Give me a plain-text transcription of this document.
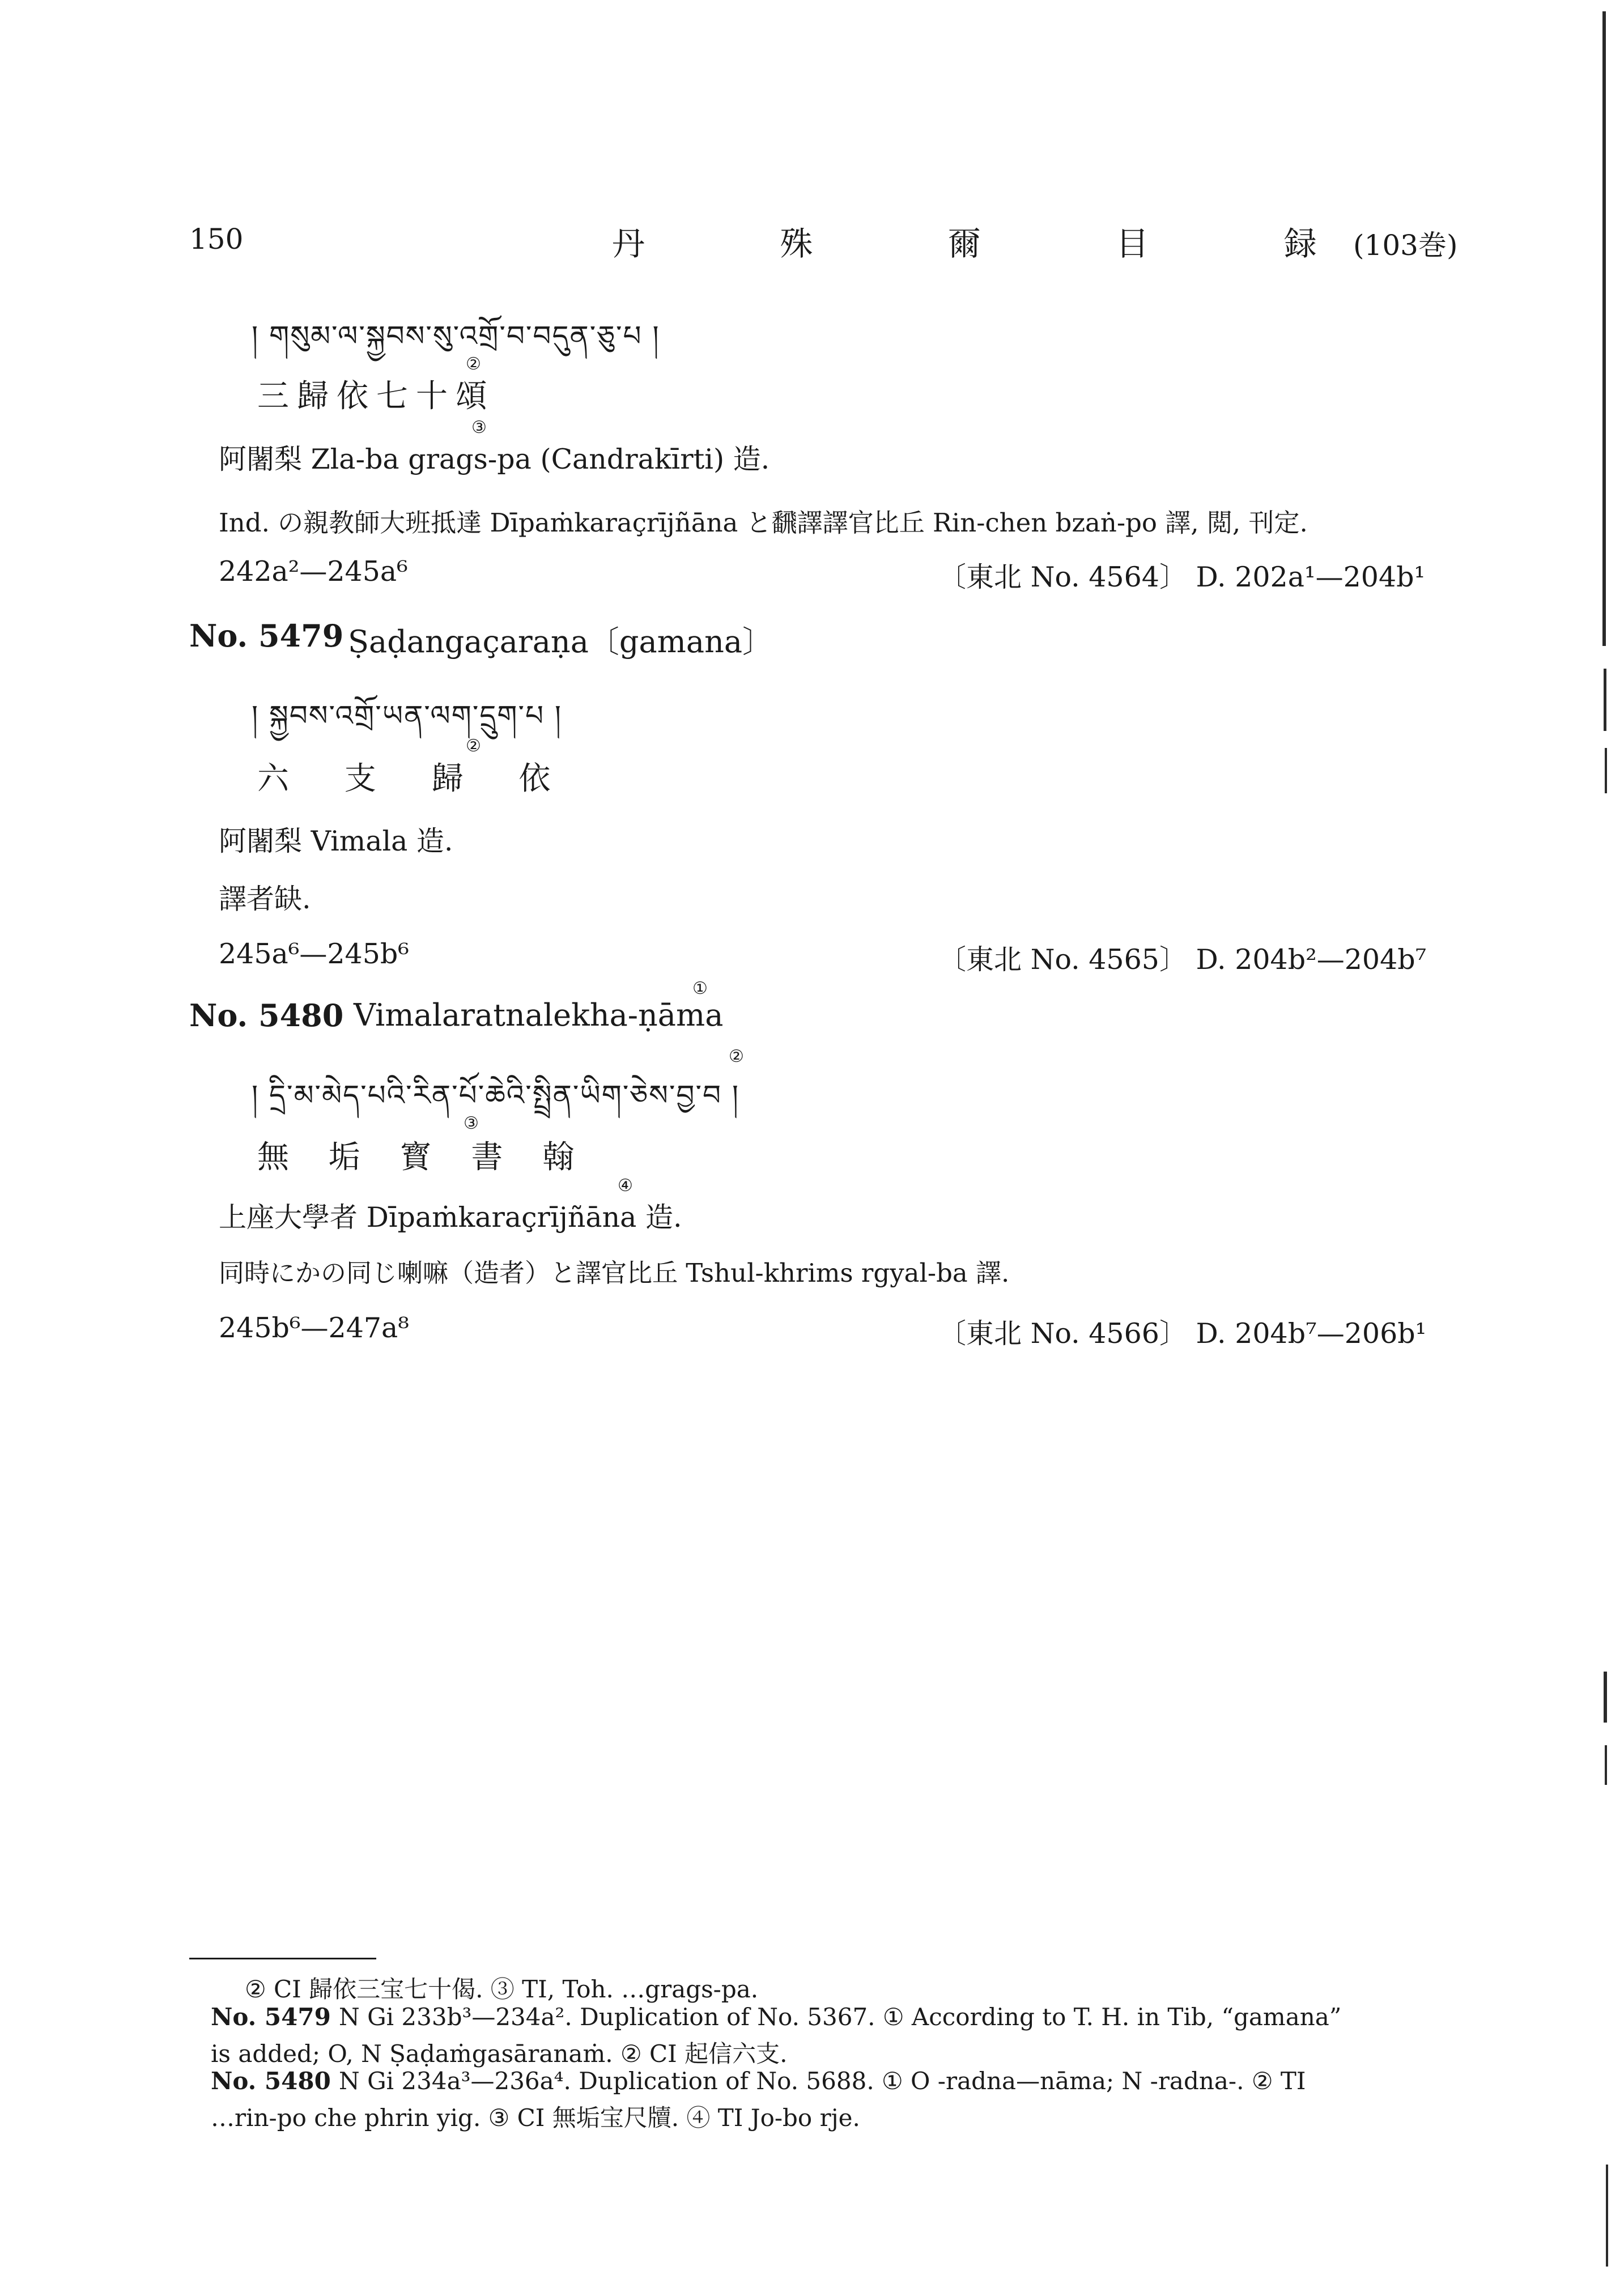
150	丹 殊 爾 目 録
(103巻)
། གསུམ་ལ་སྐྱབས་སུ་འགྲོ་བ་བདུན་ཅུ་པ །
三歸依七十頌
②
阿闍梨 Zla-ba grags-pa (Candrakīrti) 造.
③
Ind. の親教師大班抵達 Dīpaṁkaraçrījñāna と飜譯譯官比丘 Rin-chen bzaṅ-po 譯, 閲, 刊定.
242a²—245a⁶	〔東北 No. 4564〕 D. 202a¹—204b¹
No. 5479 Ṣaḍangaçaraṇa〔gamana〕
། སྐྱབས་འགྲོ་ཡན་ལག་དྲུག་པ །
六 支 歸 依
②
阿闍梨 Vimala 造.
譯者缺.
245a⁶—245b⁶	〔東北 No. 4565〕 D. 204b²—204b⁷
No. 5480 Vimalaratnalekha-ṇāma
①
། དྲི་མ་མེད་པའི་རིན་པོ་ཆེའི་སྤྲིན་ཡིག་ཅེས་བྱ་བ །
②
無 垢 寳 書 翰
③
上座大學者 Dīpaṁkaraçrījñāna 造.
④
同時にかの同じ喇嘛（造者）と譯官比丘 Tshul-khrims rgyal-ba 譯.
245b⁶—247a⁸	〔東北 No. 4566〕 D. 204b⁷—206b¹
② CI 歸依三宝七十偈. ③ TI, Toh. …grags-pa.
No. 5479 N Gi 233b³—234a². Duplication of No. 5367. ① According to T. H. in Tib, “gamana”
is added; O, N Ṣaḍaṁgasāranaṁ. ② CI 起信六支.
No. 5480 N Gi 234a³—236a⁴. Duplication of No. 5688. ① O -radna—nāma; N -radna-. ② TI
…rin-po che phrin yig. ③ CI 無垢宝尺牘. ④ TI Jo-bo rje.
